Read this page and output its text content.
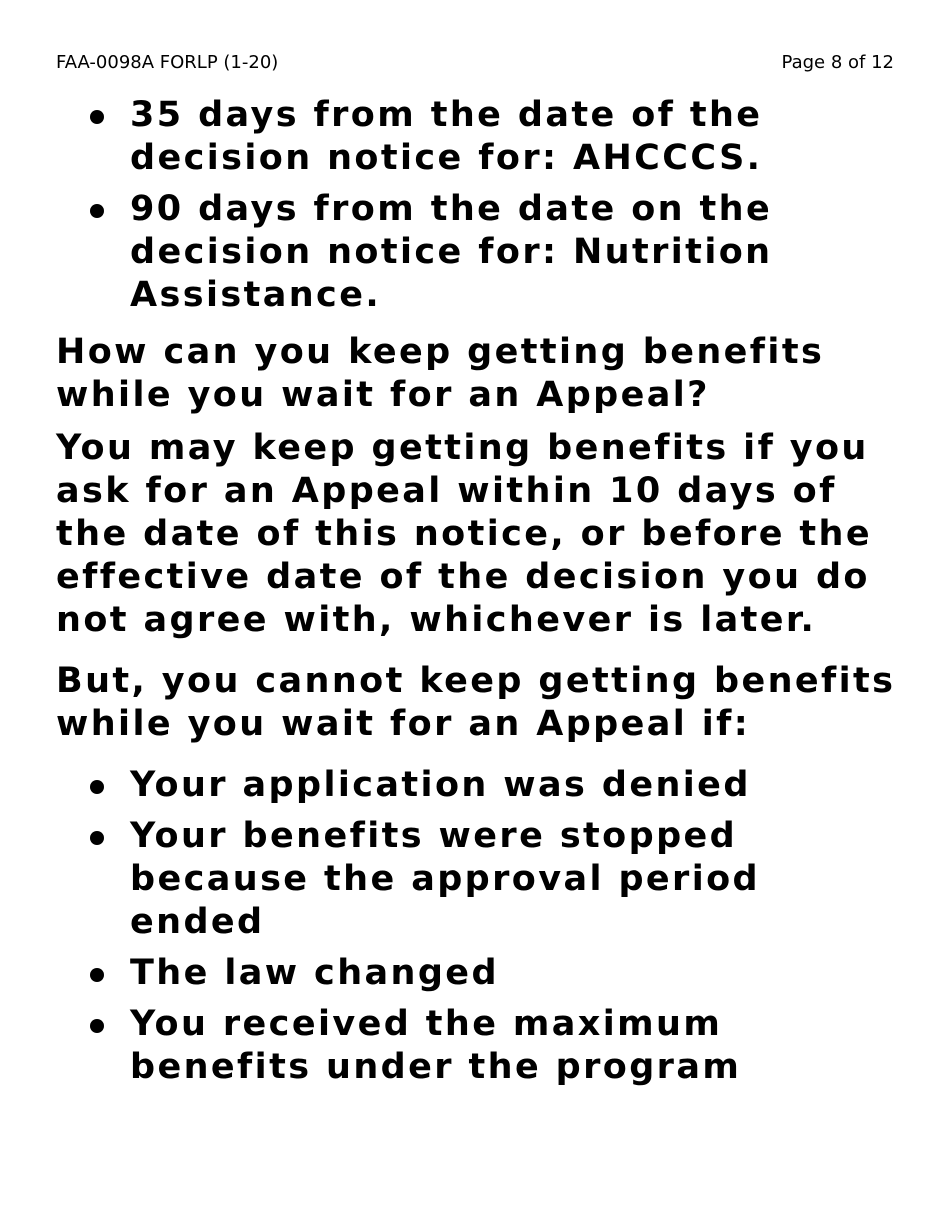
FAA-0098A FORLP (1-20)	Page 8 of 12
35 days from the date of the decision notice for: AHCCCS.
90 days from the date on the decision notice for: Nutrition Assistance.

How can you keep getting benefits while you wait for an Appeal?

You may keep getting benefits if you ask for an Appeal within 10 days of the date of this notice, or before the effective date of the decision you do not agree with, whichever is later.

But, you cannot keep getting benefits while you wait for an Appeal if:

Your application was denied
Your benefits were stopped because the approval period ended
The law changed
You received the maximum benefits under the program
